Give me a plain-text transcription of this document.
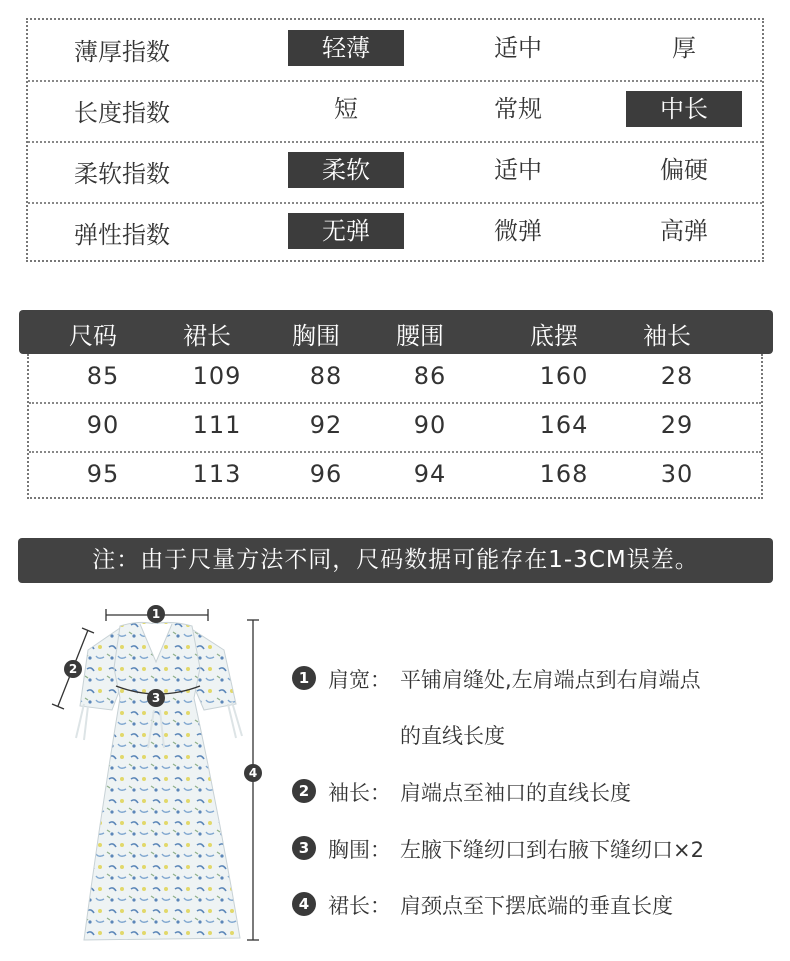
薄厚指数	轻薄	适中	厚
长度指数	短	常规	中长
柔软指数	柔软	适中	偏硬
弹性指数	无弹	微弹	高弹
尺码	裙长	胸围	腰围	底摆	袖长
85	109	88	86	160	28
90	111	92	90	164	29
95	113	96	94	168	30
注：由于尺量方法不同，尺码数据可能存在1-3CM误差。
1
2
3
4
1 肩宽： 平铺肩缝处,左肩端点到右肩端点
的直线长度
2 袖长： 肩端点至袖口的直线长度
3 胸围： 左腋下缝纫口到右腋下缝纫口×2
4 裙长： 肩颈点至下摆底端的垂直长度
